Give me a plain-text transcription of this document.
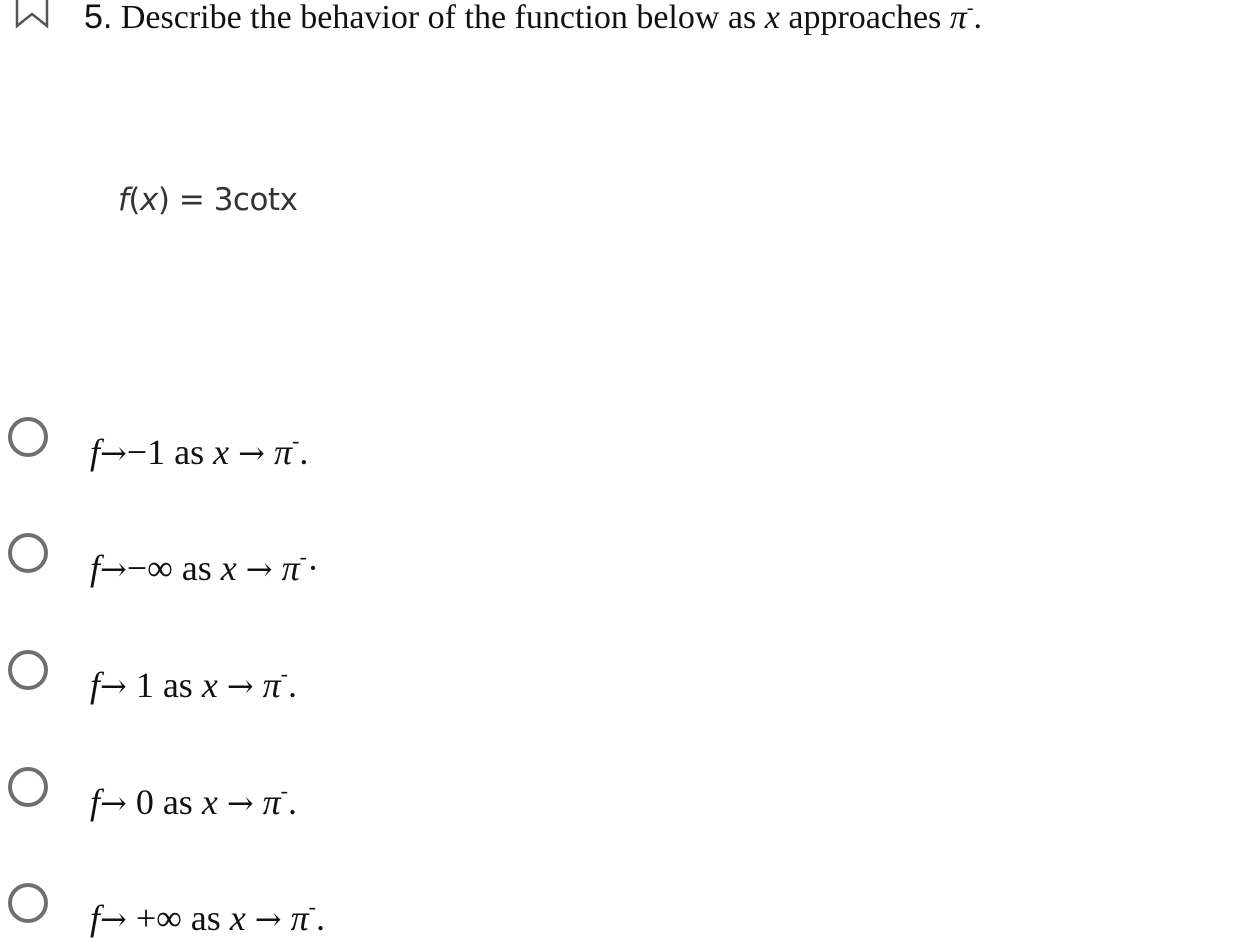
5. Describe the behavior of the function below as x approaches π-.
f(x) = 3cotx
f→−1 as x → π-.
f→−∞ as x → π-·
f→ 1 as x → π-.
f→ 0 as x → π-.
f→ +∞ as x → π-.
